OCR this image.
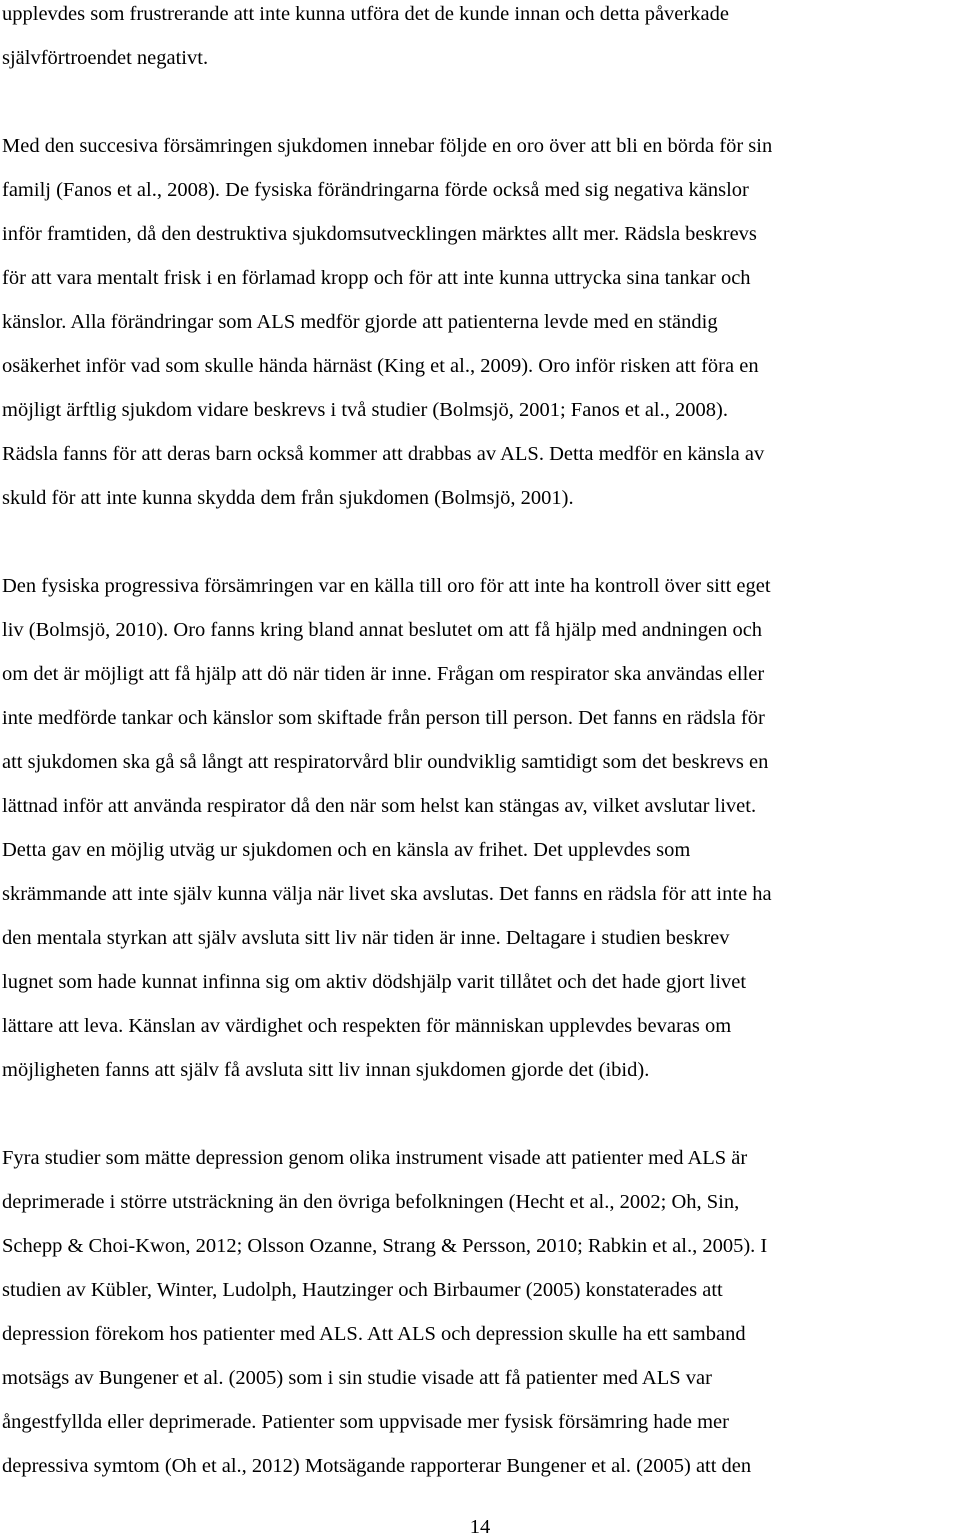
upplevdes som frustrerande att inte kunna utföra det de kunde innan och detta påverkade
självförtroendet negativt.

Med den succesiva försämringen sjukdomen innebar följde en oro över att bli en börda för sin
familj (Fanos et al., 2008). De fysiska förändringarna förde också med sig negativa känslor
inför framtiden, då den destruktiva sjukdomsutvecklingen märktes allt mer. Rädsla beskrevs
för att vara mentalt frisk i en förlamad kropp och för att inte kunna uttrycka sina tankar och
känslor. Alla förändringar som ALS medför gjorde att patienterna levde med en ständig
osäkerhet inför vad som skulle hända härnäst (King et al., 2009). Oro inför risken att föra en
möjligt ärftlig sjukdom vidare beskrevs i två studier (Bolmsjö, 2001; Fanos et al., 2008).
Rädsla fanns för att deras barn också kommer att drabbas av ALS. Detta medför en känsla av
skuld för att inte kunna skydda dem från sjukdomen (Bolmsjö, 2001).

Den fysiska progressiva försämringen var en källa till oro för att inte ha kontroll över sitt eget
liv (Bolmsjö, 2010). Oro fanns kring bland annat beslutet om att få hjälp med andningen och
om det är möjligt att få hjälp att dö när tiden är inne. Frågan om respirator ska användas eller
inte medförde tankar och känslor som skiftade från person till person. Det fanns en rädsla för
att sjukdomen ska gå så långt att respiratorvård blir oundviklig samtidigt som det beskrevs en
lättnad inför att använda respirator då den när som helst kan stängas av, vilket avslutar livet.
Detta gav en möjlig utväg ur sjukdomen och en känsla av frihet. Det upplevdes som
skrämmande att inte själv kunna välja när livet ska avslutas. Det fanns en rädsla för att inte ha
den mentala styrkan att själv avsluta sitt liv när tiden är inne. Deltagare i studien beskrev
lugnet som hade kunnat infinna sig om aktiv dödshjälp varit tillåtet och det hade gjort livet
lättare att leva. Känslan av värdighet och respekten för människan upplevdes bevaras om
möjligheten fanns att själv få avsluta sitt liv innan sjukdomen gjorde det (ibid).

Fyra studier som mätte depression genom olika instrument visade att patienter med ALS är
deprimerade i större utsträckning än den övriga befolkningen (Hecht et al., 2002; Oh, Sin,
Schepp & Choi-Kwon, 2012; Olsson Ozanne, Strang & Persson, 2010; Rabkin et al., 2005). I
studien av Kübler, Winter, Ludolph, Hautzinger och Birbaumer (2005) konstaterades att
depression förekom hos patienter med ALS. Att ALS och depression skulle ha ett samband
motsägs av Bungener et al. (2005) som i sin studie visade att få patienter med ALS var
ångestfyllda eller deprimerade. Patienter som uppvisade mer fysisk försämring hade mer
depressiva symtom (Oh et al., 2012) Motsägande rapporterar Bungener et al. (2005) att den

14
